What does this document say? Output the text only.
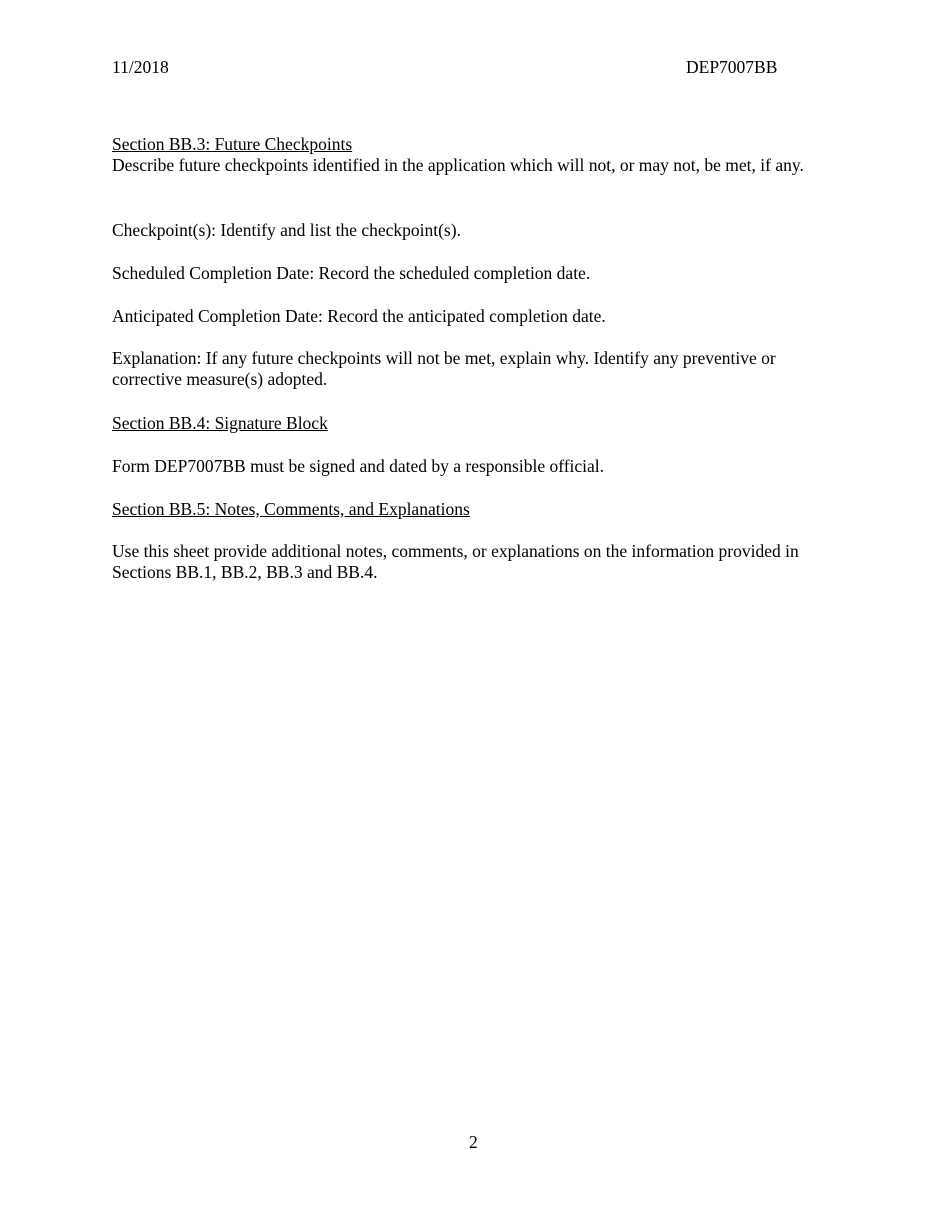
11/2018	DEP7007BB

Section BB.3: Future Checkpoints

Describe future checkpoints identified in the application which will not, or may not, be met, if any.

Checkpoint(s): Identify and list the checkpoint(s).

Scheduled Completion Date: Record the scheduled completion date.

Anticipated Completion Date: Record the anticipated completion date.

Explanation: If any future checkpoints will not be met, explain why. Identify any preventive or corrective measure(s) adopted.

Section BB.4: Signature Block

Form DEP7007BB must be signed and dated by a responsible official.

Section BB.5: Notes, Comments, and Explanations

Use this sheet provide additional notes, comments, or explanations on the information provided in Sections BB.1, BB.2, BB.3 and BB.4.

2
